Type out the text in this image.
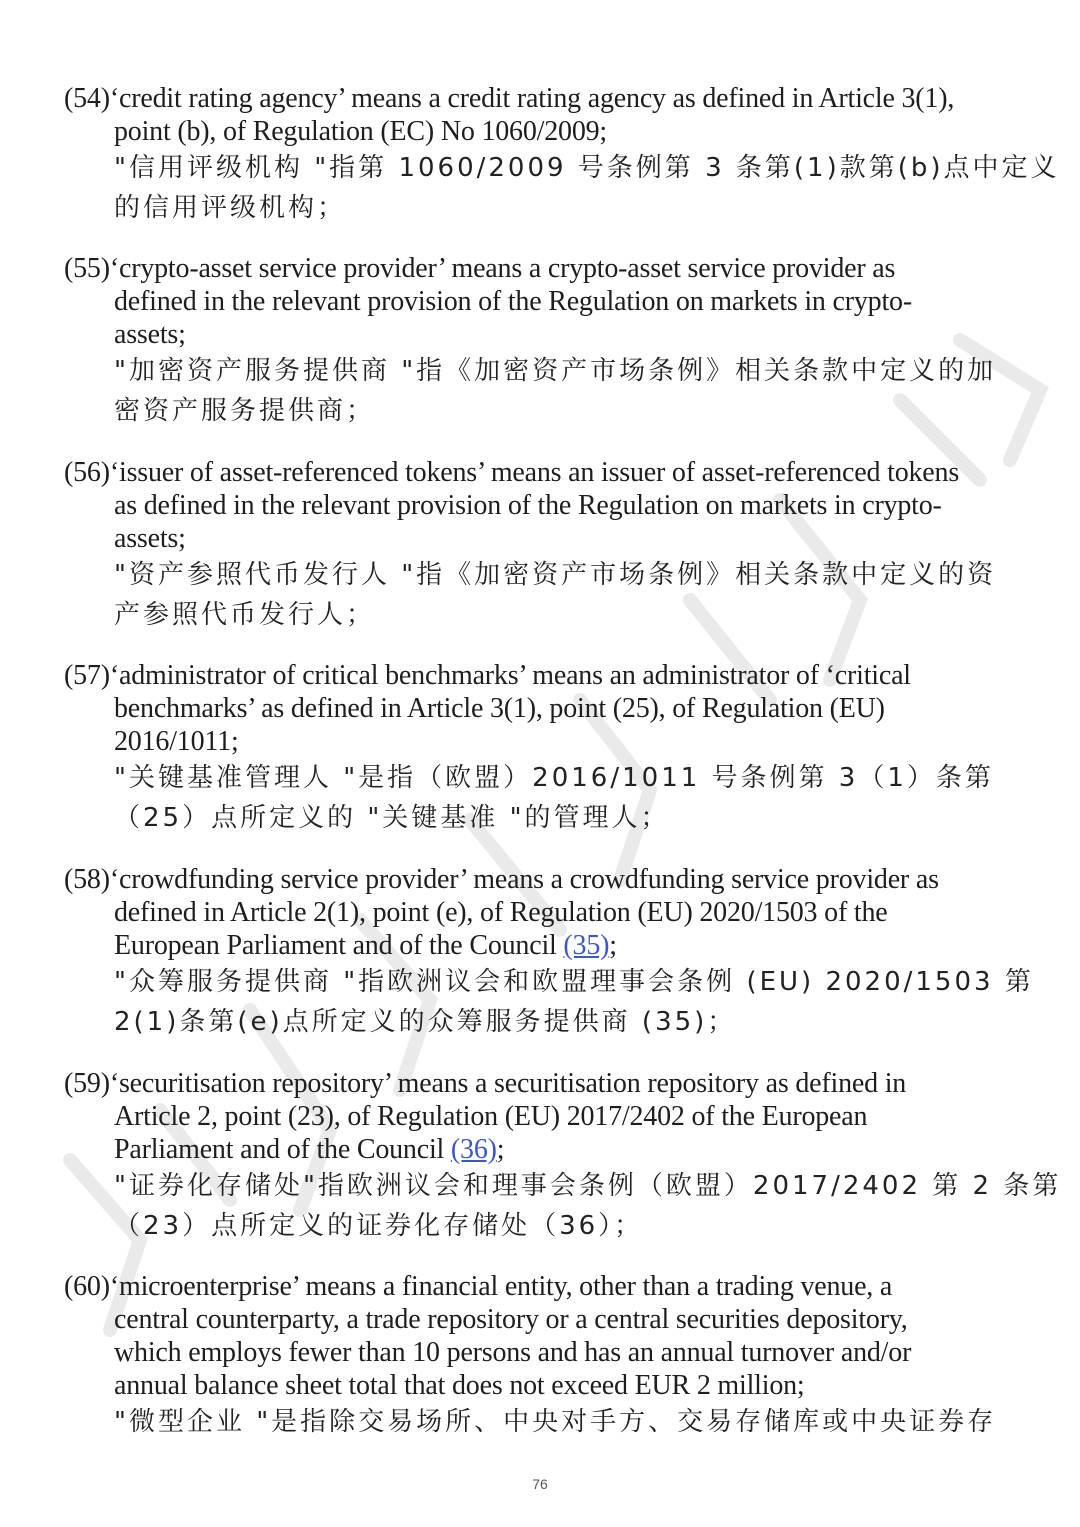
(54)‘credit rating agency’ means a credit rating agency as defined in Article 3(1),
point (b), of Regulation (EC) No 1060/2009;
"信用评级机构 "指第 1060/2009 号条例第 3 条第(1)款第(b)点中定义
的信用评级机构；
(55)‘crypto-asset service provider’ means a crypto-asset service provider as
defined in the relevant provision of the Regulation on markets in crypto-
assets;
"加密资产服务提供商 "指《加密资产市场条例》相关条款中定义的加
密资产服务提供商；
(56)‘issuer of asset-referenced tokens’ means an issuer of asset-referenced tokens
as defined in the relevant provision of the Regulation on markets in crypto-
assets;
"资产参照代币发行人 "指《加密资产市场条例》相关条款中定义的资
产参照代币发行人；
(57)‘administrator of critical benchmarks’ means an administrator of ‘critical
benchmarks’ as defined in Article 3(1), point (25), of Regulation (EU)
2016/1011;
"关键基准管理人 "是指（欧盟）2016/1011 号条例第 3（1）条第
（25）点所定义的 "关键基准 "的管理人；
(58)‘crowdfunding service provider’ means a crowdfunding service provider as
defined in Article 2(1), point (e), of Regulation (EU) 2020/1503 of the
European Parliament and of the Council (35);
"众筹服务提供商 "指欧洲议会和欧盟理事会条例 (EU) 2020/1503 第
2(1)条第(e)点所定义的众筹服务提供商 (35)；
(59)‘securitisation repository’ means a securitisation repository as defined in
Article 2, point (23), of Regulation (EU) 2017/2402 of the European
Parliament and of the Council (36);
"证券化存储处"指欧洲议会和理事会条例（欧盟）2017/2402 第 2 条第
（23）点所定义的证券化存储处（36）；
(60)‘microenterprise’ means a financial entity, other than a trading venue, a
central counterparty, a trade repository or a central securities depository,
which employs fewer than 10 persons and has an annual turnover and/or
annual balance sheet total that does not exceed EUR 2 million;
"微型企业 "是指除交易场所、中央对手方、交易存储库或中央证券存
76
